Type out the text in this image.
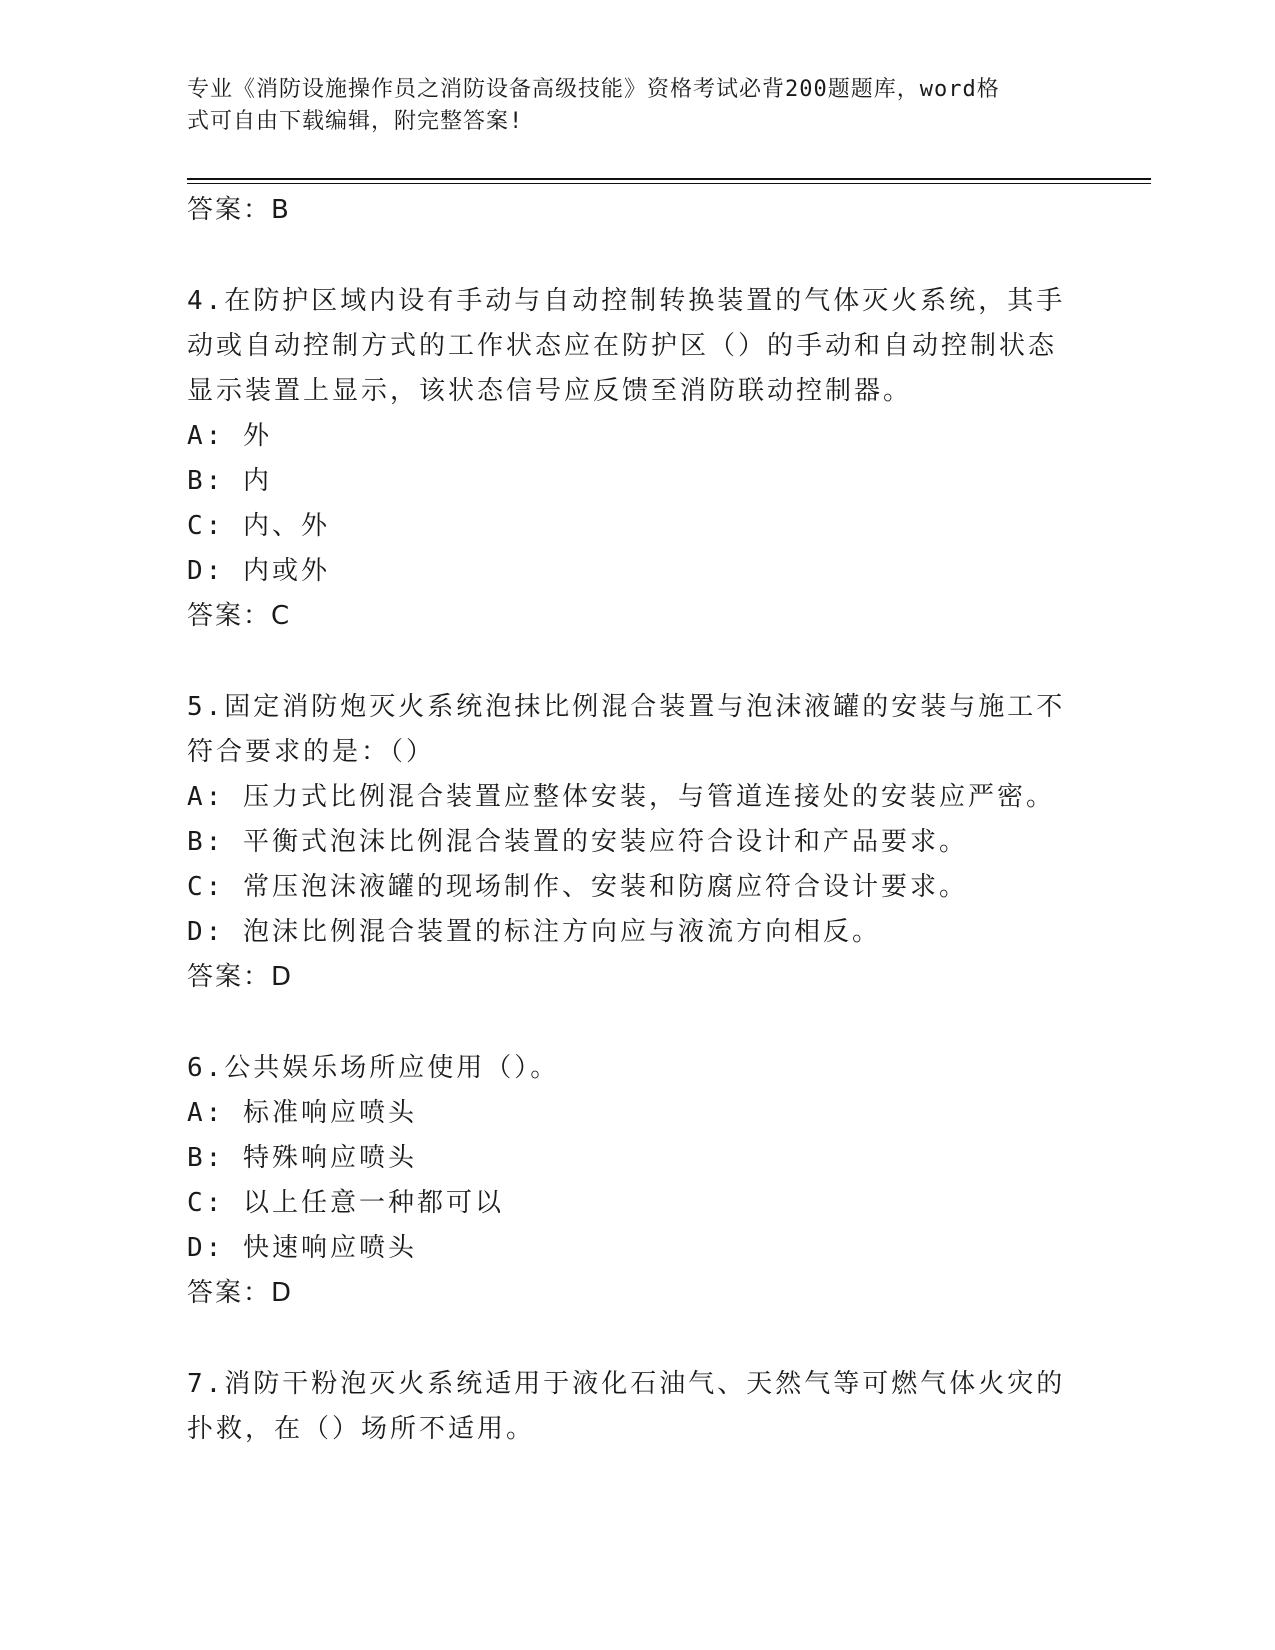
专业《消防设施操作员之消防设备高级技能》资格考试必背200题题库，word格
式可自由下载编辑，附完整答案!
答案：B
4.在防护区域内设有手动与自动控制转换装置的气体灭火系统，其手
动或自动控制方式的工作状态应在防护区（）的手动和自动控制状态
显示装置上显示，该状态信号应反馈至消防联动控制器。
A: 外
B: 内
C: 内、外
D: 内或外
答案：C
5.固定消防炮灭火系统泡抹比例混合装置与泡沫液罐的安装与施工不
符合要求的是：（）
A: 压力式比例混合装置应整体安装，与管道连接处的安装应严密。
B: 平衡式泡沫比例混合装置的安装应符合设计和产品要求。
C: 常压泡沫液罐的现场制作、安装和防腐应符合设计要求。
D: 泡沫比例混合装置的标注方向应与液流方向相反。
答案：D
6.公共娱乐场所应使用（）。
A: 标准响应喷头
B: 特殊响应喷头
C: 以上任意一种都可以
D: 快速响应喷头
答案：D
7.消防干粉泡灭火系统适用于液化石油气、天然气等可燃气体火灾的
扑救，在（）场所不适用。
